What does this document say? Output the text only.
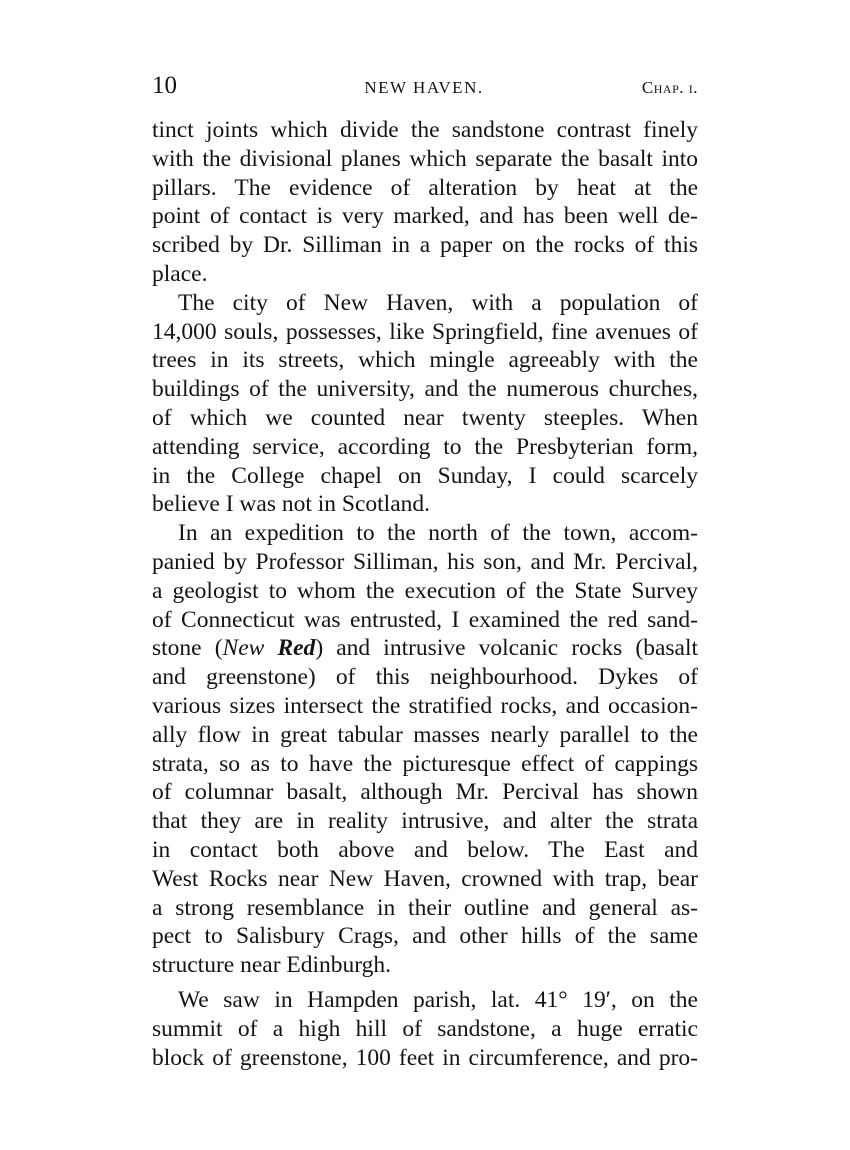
10	NEW HAVEN.	Chap. i.
tinct joints which divide the sandstone contrast finely
with the divisional planes which separate the basalt into
pillars. The evidence of alteration by heat at the
point of contact is very marked, and has been well de-
scribed by Dr. Silliman in a paper on the rocks of this
place.
The city of New Haven, with a population of
14,000 souls, possesses, like Springfield, fine avenues of
trees in its streets, which mingle agreeably with the
buildings of the university, and the numerous churches,
of which we counted near twenty steeples. When
attending service, according to the Presbyterian form,
in the College chapel on Sunday, I could scarcely
believe I was not in Scotland.
In an expedition to the north of the town, accom-
panied by Professor Silliman, his son, and Mr. Percival,
a geologist to whom the execution of the State Survey
of Connecticut was entrusted, I examined the red sand-
stone (New Red) and intrusive volcanic rocks (basalt
and greenstone) of this neighbourhood. Dykes of
various sizes intersect the stratified rocks, and occasion-
ally flow in great tabular masses nearly parallel to the
strata, so as to have the picturesque effect of cappings
of columnar basalt, although Mr. Percival has shown
that they are in reality intrusive, and alter the strata
in contact both above and below. The East and
West Rocks near New Haven, crowned with trap, bear
a strong resemblance in their outline and general as-
pect to Salisbury Crags, and other hills of the same
structure near Edinburgh.
We saw in Hampden parish, lat. 41° 19′, on the
summit of a high hill of sandstone, a huge erratic
block of greenstone, 100 feet in circumference, and pro-
